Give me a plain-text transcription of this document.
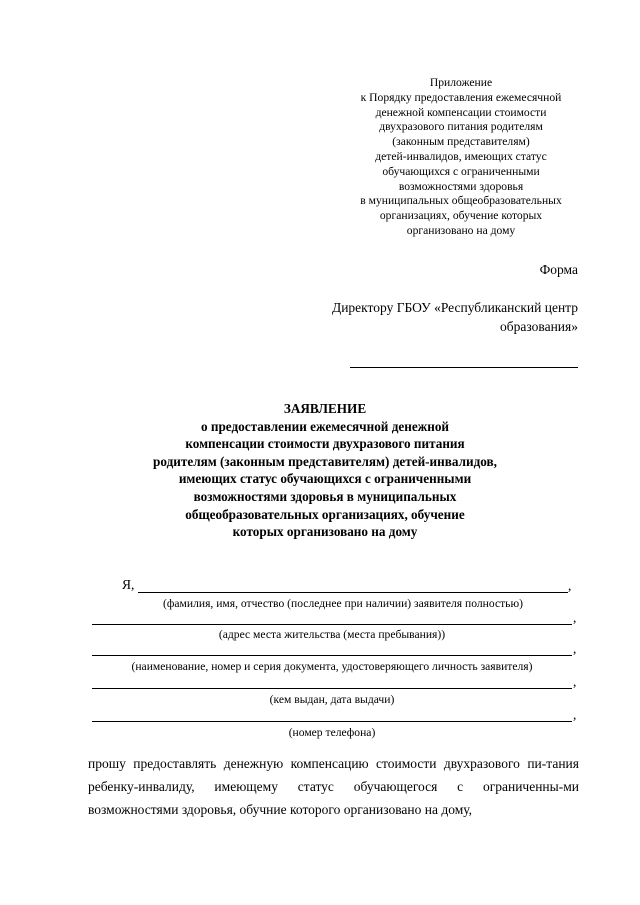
Приложение
к Порядку предоставления ежемесячной
денежной компенсации стоимости
двухразового питания родителям
(законным представителям)
детей-инвалидов, имеющих статус
обучающихся с ограниченными
возможностями здоровья
в муниципальных общеобразовательных
организациях, обучение которых
организовано на дому
Форма
Директору ГБОУ «Республиканский центр
образования»
ЗАЯВЛЕНИЕ
о предоставлении ежемесячной денежной
компенсации стоимости двухразового питания
родителям (законным представителям) детей-инвалидов,
имеющих статус обучающихся с ограниченными
возможностями здоровья в муниципальных
общеобразовательных организациях, обучение
которых организовано на дому
Я,	,
(фамилия, имя, отчество (последнее при наличии) заявителя полностью)
,
(адрес места жительства (места пребывания))
,
(наименование, номер и серия документа, удостоверяющего личность заявителя)
,
(кем выдан, дата выдачи)
,
(номер телефона)
прошу предоставлять денежную компенсацию стоимости двухразового пи-тания ребенку-инвалиду, имеющему статус обучающегося с ограниченны-ми возможностями здоровья, обучние которого организовано на дому,
